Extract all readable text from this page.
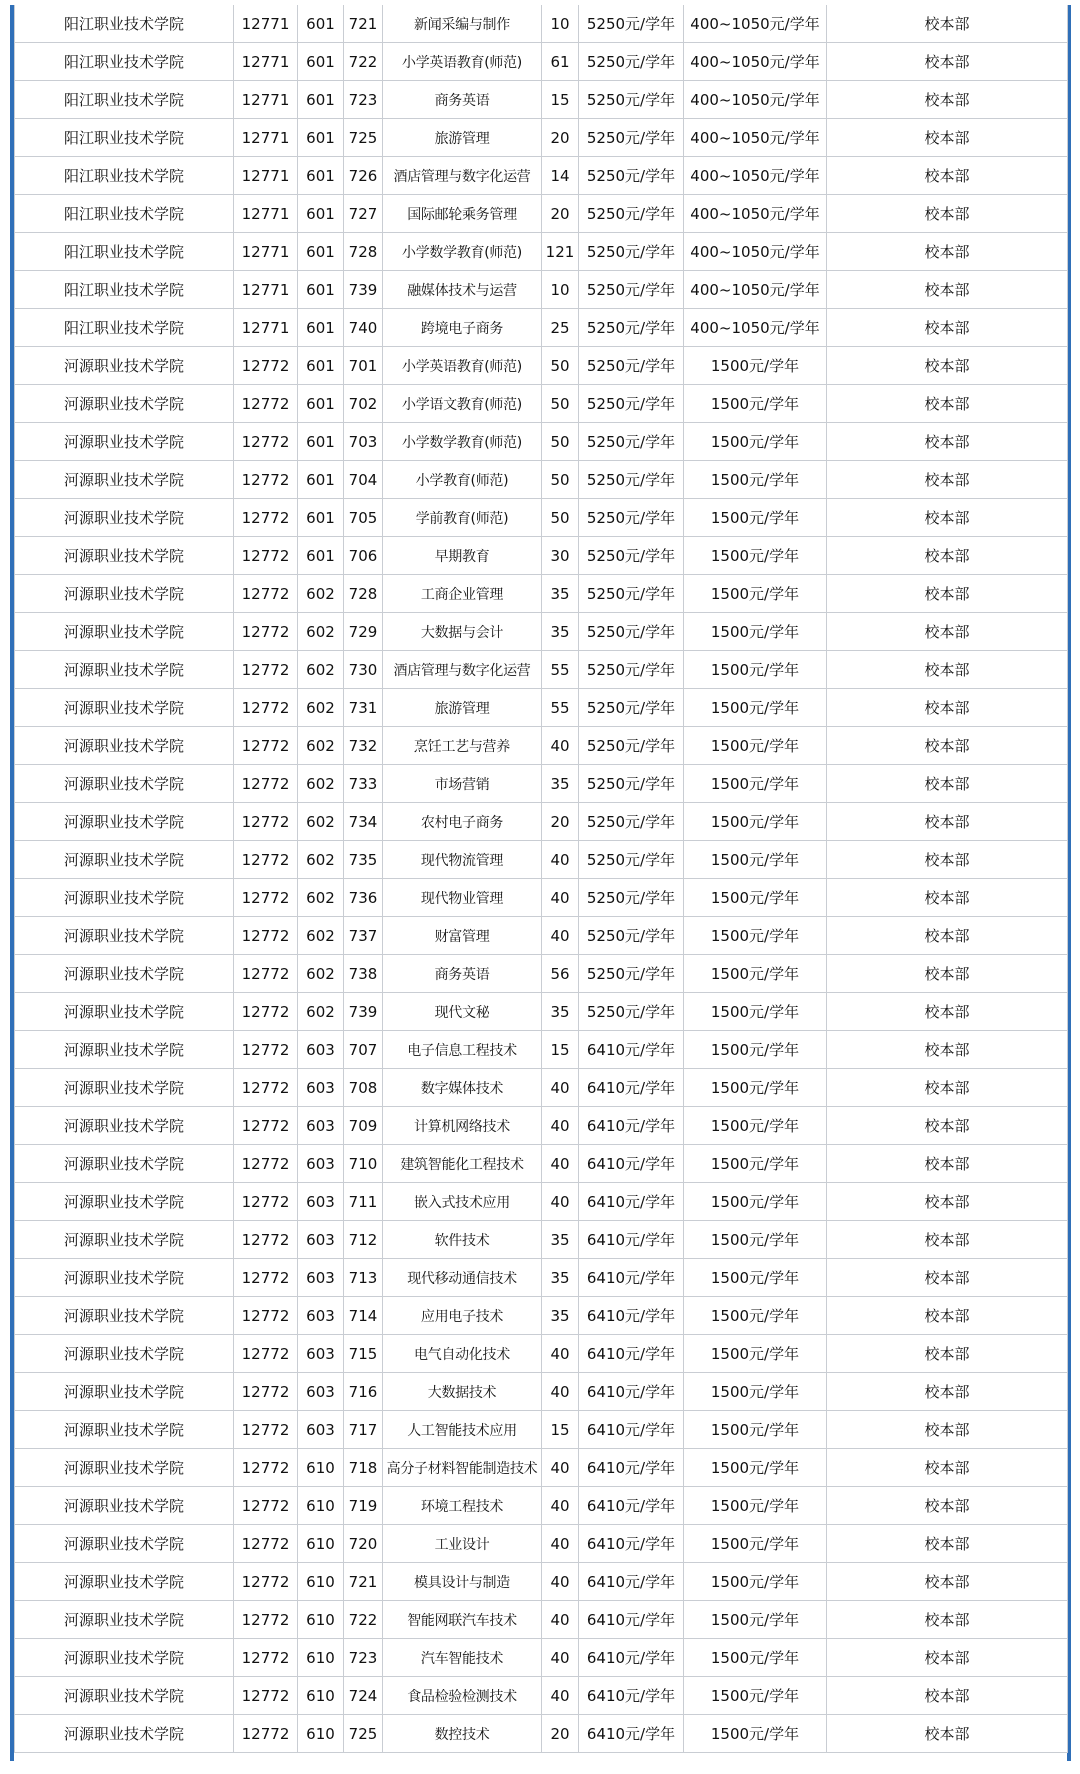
阳江职业技术学院	12771	601	721	新闻采编与制作	10	5250元/学年	400~1050元/学年	校本部
阳江职业技术学院	12771	601	722	小学英语教育(师范)	61	5250元/学年	400~1050元/学年	校本部
阳江职业技术学院	12771	601	723	商务英语	15	5250元/学年	400~1050元/学年	校本部
阳江职业技术学院	12771	601	725	旅游管理	20	5250元/学年	400~1050元/学年	校本部
阳江职业技术学院	12771	601	726	酒店管理与数字化运营	14	5250元/学年	400~1050元/学年	校本部
阳江职业技术学院	12771	601	727	国际邮轮乘务管理	20	5250元/学年	400~1050元/学年	校本部
阳江职业技术学院	12771	601	728	小学数学教育(师范)	121	5250元/学年	400~1050元/学年	校本部
阳江职业技术学院	12771	601	739	融媒体技术与运营	10	5250元/学年	400~1050元/学年	校本部
阳江职业技术学院	12771	601	740	跨境电子商务	25	5250元/学年	400~1050元/学年	校本部
河源职业技术学院	12772	601	701	小学英语教育(师范)	50	5250元/学年	1500元/学年	校本部
河源职业技术学院	12772	601	702	小学语文教育(师范)	50	5250元/学年	1500元/学年	校本部
河源职业技术学院	12772	601	703	小学数学教育(师范)	50	5250元/学年	1500元/学年	校本部
河源职业技术学院	12772	601	704	小学教育(师范)	50	5250元/学年	1500元/学年	校本部
河源职业技术学院	12772	601	705	学前教育(师范)	50	5250元/学年	1500元/学年	校本部
河源职业技术学院	12772	601	706	早期教育	30	5250元/学年	1500元/学年	校本部
河源职业技术学院	12772	602	728	工商企业管理	35	5250元/学年	1500元/学年	校本部
河源职业技术学院	12772	602	729	大数据与会计	35	5250元/学年	1500元/学年	校本部
河源职业技术学院	12772	602	730	酒店管理与数字化运营	55	5250元/学年	1500元/学年	校本部
河源职业技术学院	12772	602	731	旅游管理	55	5250元/学年	1500元/学年	校本部
河源职业技术学院	12772	602	732	烹饪工艺与营养	40	5250元/学年	1500元/学年	校本部
河源职业技术学院	12772	602	733	市场营销	35	5250元/学年	1500元/学年	校本部
河源职业技术学院	12772	602	734	农村电子商务	20	5250元/学年	1500元/学年	校本部
河源职业技术学院	12772	602	735	现代物流管理	40	5250元/学年	1500元/学年	校本部
河源职业技术学院	12772	602	736	现代物业管理	40	5250元/学年	1500元/学年	校本部
河源职业技术学院	12772	602	737	财富管理	40	5250元/学年	1500元/学年	校本部
河源职业技术学院	12772	602	738	商务英语	56	5250元/学年	1500元/学年	校本部
河源职业技术学院	12772	602	739	现代文秘	35	5250元/学年	1500元/学年	校本部
河源职业技术学院	12772	603	707	电子信息工程技术	15	6410元/学年	1500元/学年	校本部
河源职业技术学院	12772	603	708	数字媒体技术	40	6410元/学年	1500元/学年	校本部
河源职业技术学院	12772	603	709	计算机网络技术	40	6410元/学年	1500元/学年	校本部
河源职业技术学院	12772	603	710	建筑智能化工程技术	40	6410元/学年	1500元/学年	校本部
河源职业技术学院	12772	603	711	嵌入式技术应用	40	6410元/学年	1500元/学年	校本部
河源职业技术学院	12772	603	712	软件技术	35	6410元/学年	1500元/学年	校本部
河源职业技术学院	12772	603	713	现代移动通信技术	35	6410元/学年	1500元/学年	校本部
河源职业技术学院	12772	603	714	应用电子技术	35	6410元/学年	1500元/学年	校本部
河源职业技术学院	12772	603	715	电气自动化技术	40	6410元/学年	1500元/学年	校本部
河源职业技术学院	12772	603	716	大数据技术	40	6410元/学年	1500元/学年	校本部
河源职业技术学院	12772	603	717	人工智能技术应用	15	6410元/学年	1500元/学年	校本部
河源职业技术学院	12772	610	718	高分子材料智能制造技术	40	6410元/学年	1500元/学年	校本部
河源职业技术学院	12772	610	719	环境工程技术	40	6410元/学年	1500元/学年	校本部
河源职业技术学院	12772	610	720	工业设计	40	6410元/学年	1500元/学年	校本部
河源职业技术学院	12772	610	721	模具设计与制造	40	6410元/学年	1500元/学年	校本部
河源职业技术学院	12772	610	722	智能网联汽车技术	40	6410元/学年	1500元/学年	校本部
河源职业技术学院	12772	610	723	汽车智能技术	40	6410元/学年	1500元/学年	校本部
河源职业技术学院	12772	610	724	食品检验检测技术	40	6410元/学年	1500元/学年	校本部
河源职业技术学院	12772	610	725	数控技术	20	6410元/学年	1500元/学年	校本部
